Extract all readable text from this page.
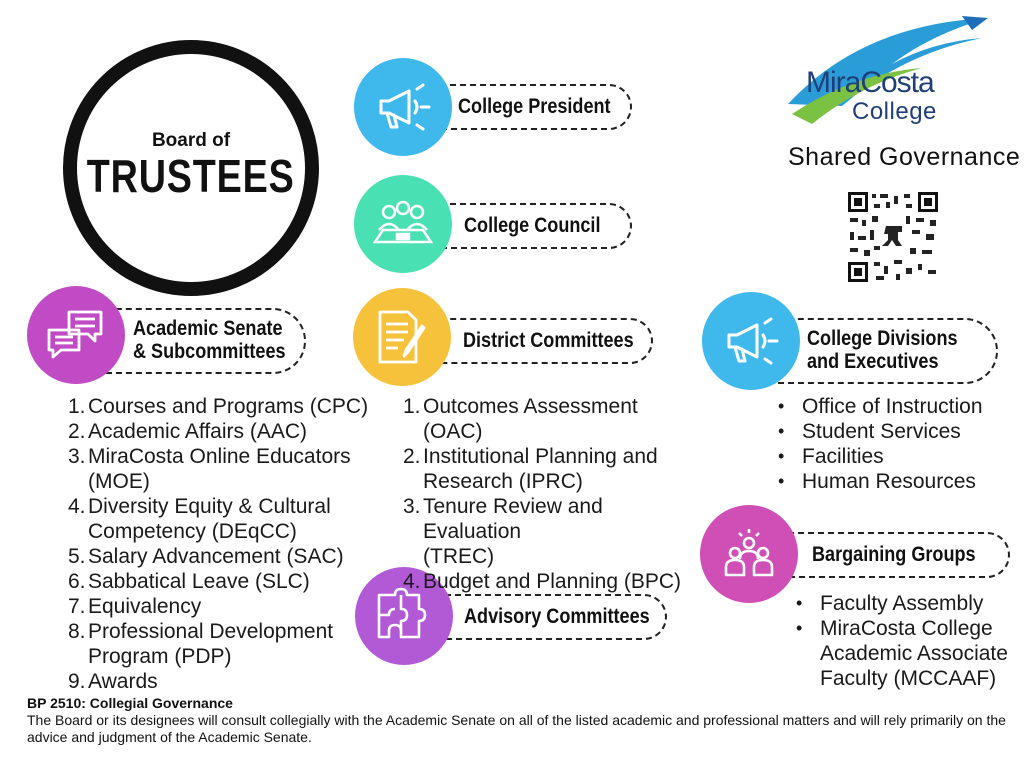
Board of
TRUSTEES
College President
College Council
Academic Senate
& Subcommittees	District Committees	College Divisions
and Executives
Bargaining Groups
Advisory Committees
MiraCosta
College
Shared Governance
1. Courses and Programs (CPC)
2. Academic Affairs (AAC)
3. MiraCosta Online Educators (MOE)
4. Diversity Equity & Cultural
Competency (DEqCC)
5. Salary Advancement (SAC)
6. Sabbatical Leave (SLC)
7. Equivalency
8. Professional Development
Program (PDP)
9. Awards
1. Outcomes Assessment (OAC)
2. Institutional Planning and
Research (IPRC)
3. Tenure Review and Evaluation
(TREC)
4. Budget and Planning (BPC)
• Office of Instruction
• Student Services
• Facilities
• Human Resources
• Faculty Assembly
• MiraCosta College
Academic Associate
Faculty (MCCAAF)
BP 2510: Collegial Governance
The Board or its designees will consult collegially with the Academic Senate on all of the listed academic and professional matters and will rely primarily on the advice and judgment of the Academic Senate.
